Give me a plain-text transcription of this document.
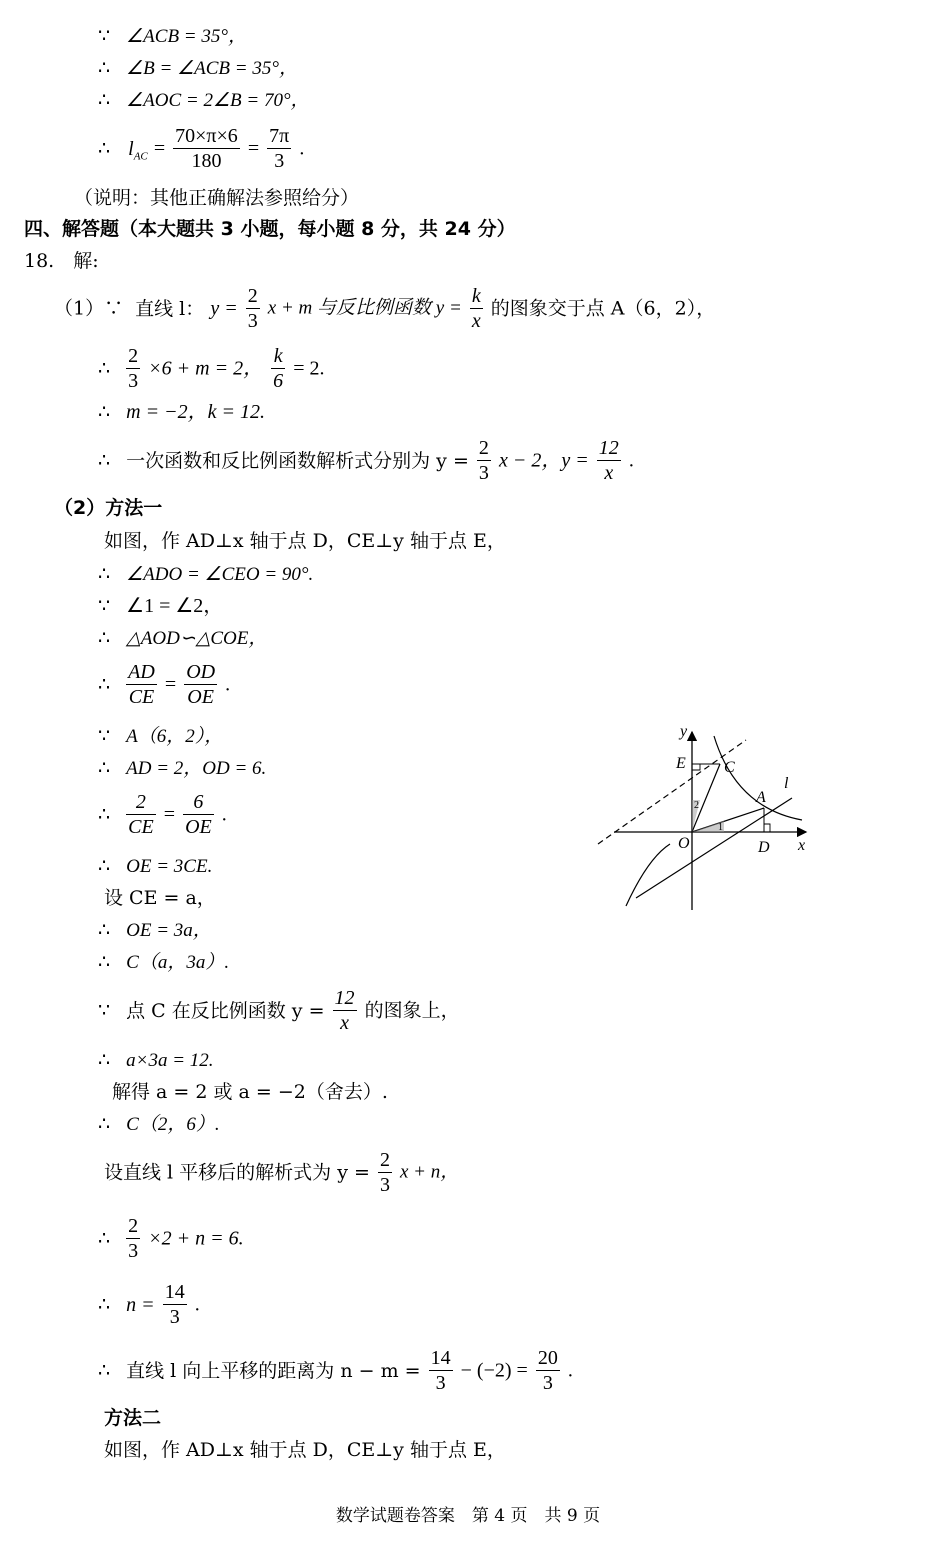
∵ ∠ACB = 35°，
∴ ∠B = ∠ACB = 35°，
∴ ∠AOC = 2∠B = 70°，
∴ $l_{AC} = \frac{70\times\pi\times 6}{180} = \frac{7\pi}{3}$ .
（说明：其他正确解法参照给分）
四、解答题（本大题共 3 小题，每小题 8 分，共 24 分）
18.　解:
（1）∵ 直线 l： $y = \frac{2}{3}$ x + m 与反比例函数 $y = \frac{k}{x}$ 的图象交于点 A（6，2），
∴ $\frac{2}{3} \times 6 + m = 2$， $\frac{k}{6} = 2$.
∴ m = −2，k = 12.
∴ 一次函数和反比例函数解析式分别为 $y = \frac{2}{3}$ x − 2，$y = \frac{12}{x}$ .
（2）方法一
如图，作 AD⊥x 轴于点 D，CE⊥y 轴于点 E，
∴ ∠ADO = ∠CEO = 90°.
∵ ∠1 = ∠2，
∴ △AOD∽△COE，
∴ $\frac{AD}{CE} = \frac{OD}{OE}$ .
∵ A（6，2），
∴ AD = 2，OD = 6.
∴ $\frac{2}{CE} = \frac{6}{OE}$ .
∴ OE = 3CE.
设 CE = a，
∴ OE = 3a，
∴ C（a，3a）.
∵ 点 C 在反比例函数 $y = \frac{12}{x}$ 的图象上，
∴ a×3a = 12.
解得 a = 2 或 a = −2（舍去）.
∴ C（2，6）.
设直线 l 平移后的解析式为 $y = \frac{2}{3}$ x + n，
∴ $\frac{2}{3} \times 2 + n = 6$.
∴ $n = \frac{14}{3}$ .
∴ 直线 l 向上平移的距离为 $n - m = \frac{14}{3} - (-2) = \frac{20}{3}$ .
方法二
如图，作 AD⊥x 轴于点 D，CE⊥y 轴于点 E，
y
E C
A
l
O	D x
1
2
数学试题卷答案　第 4 页　共 9 页
